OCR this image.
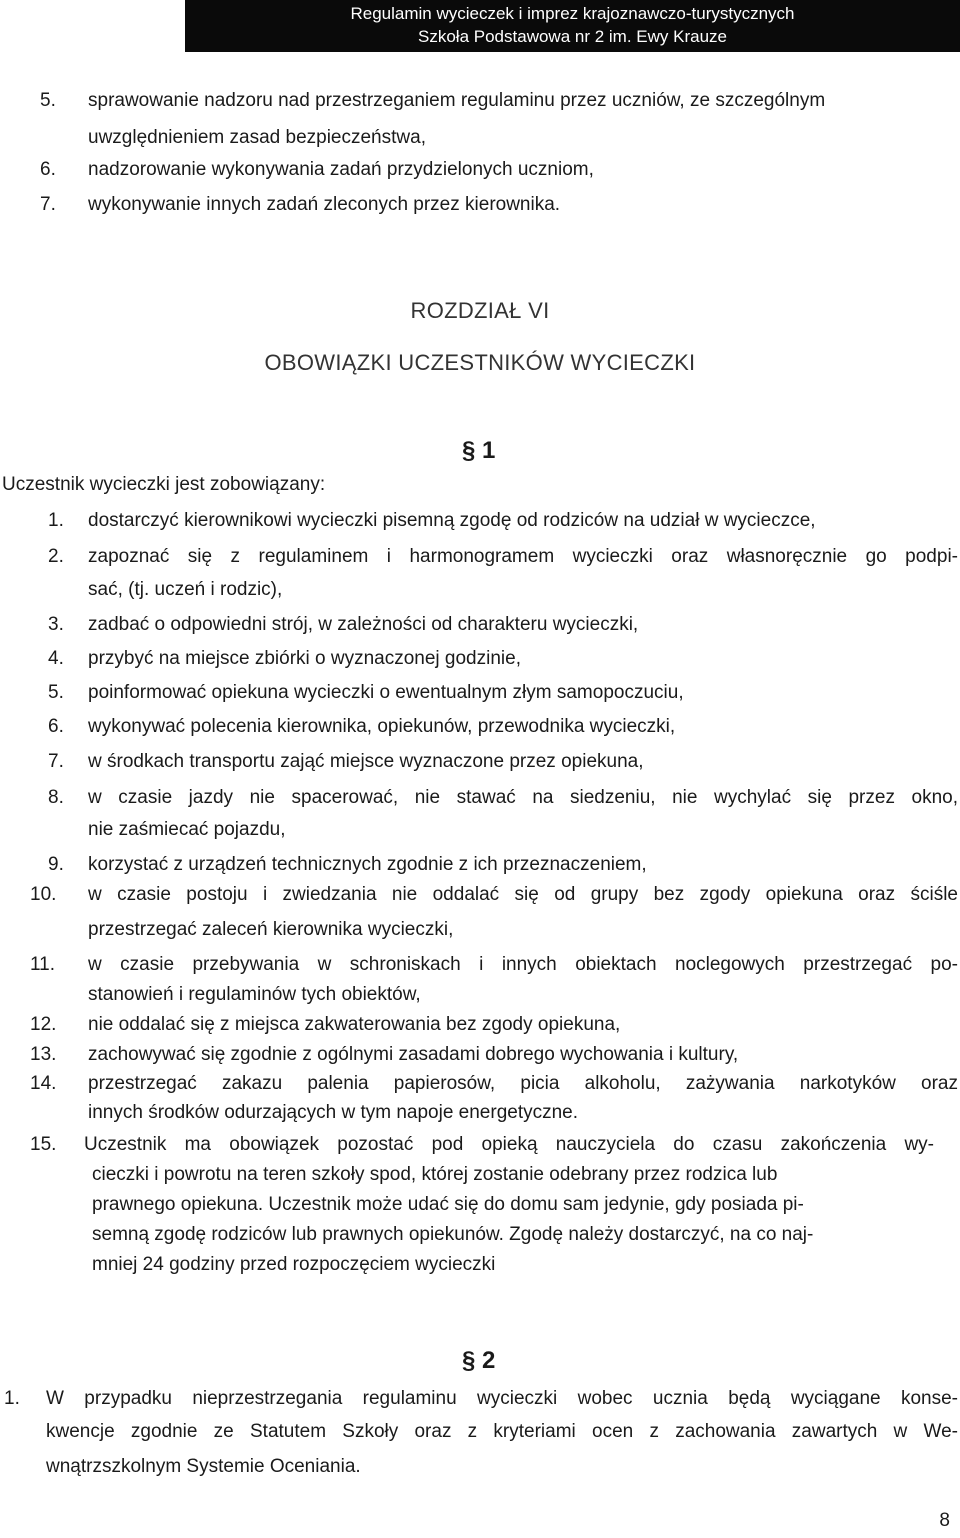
Regulamin wycieczek i imprez krajoznawczo-turystycznych
Szkoła Podstawowa nr 2 im. Ewy Krauze
5. sprawowanie nadzoru nad przestrzeganiem regulaminu przez uczniów, ze szczególnym
uwzględnieniem zasad bezpieczeństwa,
6. nadzorowanie wykonywania zadań przydzielonych uczniom,
7. wykonywanie innych zadań zleconych przez kierownika.
ROZDZIAŁ VI
OBOWIĄZKI UCZESTNIKÓW WYCIECZKI
§ 1
Uczestnik wycieczki jest zobowiązany:
1. dostarczyć kierownikowi wycieczki pisemną zgodę od rodziców na udział w wycieczce,
2. zapoznać się z regulaminem i harmonogramem wycieczki oraz własnoręcznie go podpi-
sać, (tj. uczeń i rodzic),
3. zadbać o odpowiedni strój, w zależności od charakteru wycieczki,
4. przybyć na miejsce zbiórki o wyznaczonej godzinie,
5. poinformować opiekuna wycieczki o ewentualnym złym samopoczuciu,
6. wykonywać polecenia kierownika, opiekunów, przewodnika wycieczki,
7. w środkach transportu zająć miejsce wyznaczone przez opiekuna,
8. w czasie jazdy nie spacerować, nie stawać na siedzeniu, nie wychylać się przez okno,
nie zaśmiecać pojazdu,
9. korzystać z urządzeń technicznych zgodnie z ich przeznaczeniem,
10. w czasie postoju i zwiedzania nie oddalać się od grupy bez zgody opiekuna oraz ściśle
przestrzegać zaleceń kierownika wycieczki,
11. w czasie przebywania w schroniskach i innych obiektach noclegowych przestrzegać po-
stanowień i regulaminów tych obiektów,
12. nie oddalać się z miejsca zakwaterowania bez zgody opiekuna,
13. zachowywać się zgodnie z ogólnymi zasadami dobrego wychowania i kultury,
14. przestrzegać zakazu palenia papierosów, picia alkoholu, zażywania narkotyków oraz
innych środków odurzających w tym napoje energetyczne.
15. Uczestnik ma obowiązek pozostać pod opieką nauczyciela do czasu zakończenia wy-
cieczki i powrotu na teren szkoły spod, której zostanie odebrany przez rodzica lub
prawnego opiekuna. Uczestnik może udać się do domu sam jedynie, gdy posiada pi-
semną zgodę rodziców lub prawnych opiekunów. Zgodę należy dostarczyć, na co naj-
mniej 24 godziny przed rozpoczęciem wycieczki
§ 2
1. W przypadku nieprzestrzegania regulaminu wycieczki wobec ucznia będą wyciągane konse-
kwencje zgodnie ze Statutem Szkoły oraz z kryteriami ocen z zachowania zawartych w We-
wnątrzszkolnym Systemie Oceniania.
8
